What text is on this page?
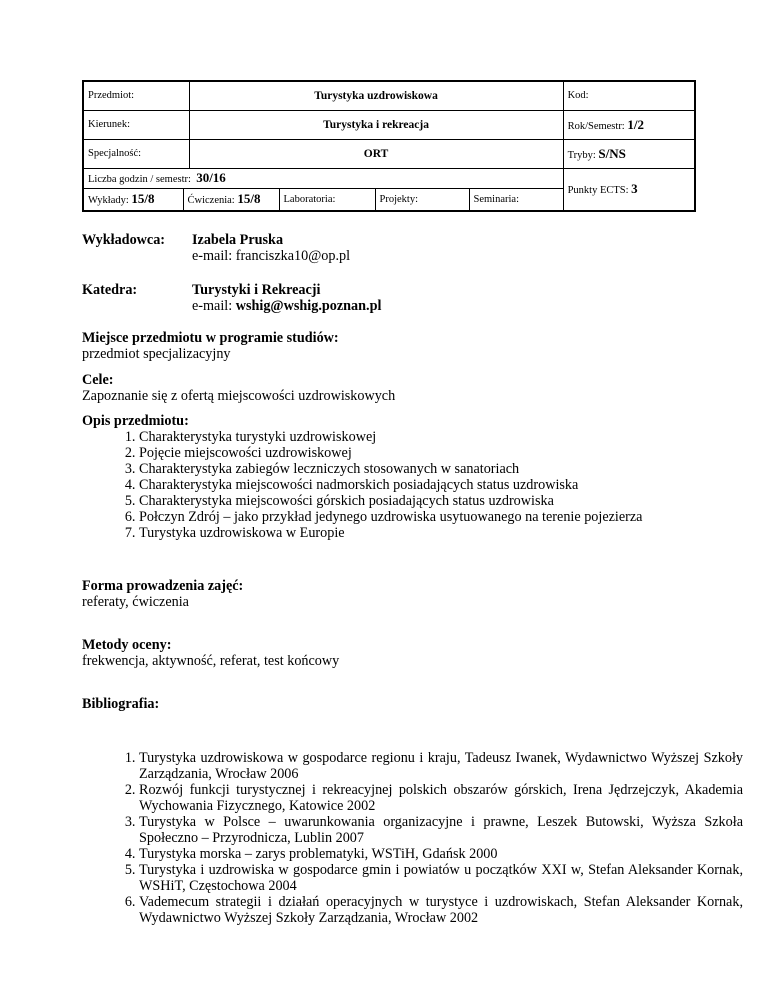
Przedmiot:		Turystyka uzdrowiskowa				Kod:
Kierunek:		Turystyka i rekreacja				Rok/Semestr: 1/2
Specjalność:		ORT				Tryby: S/NS
Liczba godzin / semestr: 30/16						Punkty ECTS: 3
Wykłady: 15/8	Ćwiczenia: 15/8		Laboratoria:	Projekty:	Seminaria:	
Wykładowca: Izabela Pruska
e-mail: franciszka10@op.pl
Katedra:	Turystyki i Rekreacji
e-mail: wshig@wshig.poznan.pl
Miejsce przedmiotu w programie studiów:
przedmiot specjalizacyjny
Cele:
Zapoznanie się z ofertą miejscowości uzdrowiskowych
Opis przedmiotu:
1. Charakterystyka turystyki uzdrowiskowej
2. Pojęcie miejscowości uzdrowiskowej
3. Charakterystyka zabiegów leczniczych stosowanych w sanatoriach
4. Charakterystyka miejscowości nadmorskich posiadających status uzdrowiska
5. Charakterystyka miejscowości górskich posiadających status uzdrowiska
6. Połczyn Zdrój – jako przykład jedynego uzdrowiska usytuowanego na terenie pojezierza
7. Turystyka uzdrowiskowa w Europie
Forma prowadzenia zajęć:
referaty, ćwiczenia
Metody oceny:
frekwencja, aktywność, referat, test końcowy
Bibliografia:
1. Turystyka uzdrowiskowa w gospodarce regionu i kraju, Tadeusz Iwanek, Wydawnictwo Wyższej Szkoły Zarządzania, Wrocław 2006
2. Rozwój funkcji turystycznej i rekreacyjnej polskich obszarów górskich, Irena Jędrzejczyk, Akademia Wychowania Fizycznego, Katowice 2002
3. Turystyka w Polsce – uwarunkowania organizacyjne i prawne, Leszek Butowski, Wyższa Szkoła Społeczno – Przyrodnicza, Lublin 2007
4. Turystyka morska – zarys problematyki, WSTiH, Gdańsk 2000
5. Turystyka i uzdrowiska w gospodarce gmin i powiatów u początków XXI w, Stefan Aleksander Kornak, WSHiT, Częstochowa 2004
6. Vademecum strategii i działań operacyjnych w turystyce i uzdrowiskach, Stefan Aleksander Kornak, Wydawnictwo Wyższej Szkoły Zarządzania, Wrocław 2002
